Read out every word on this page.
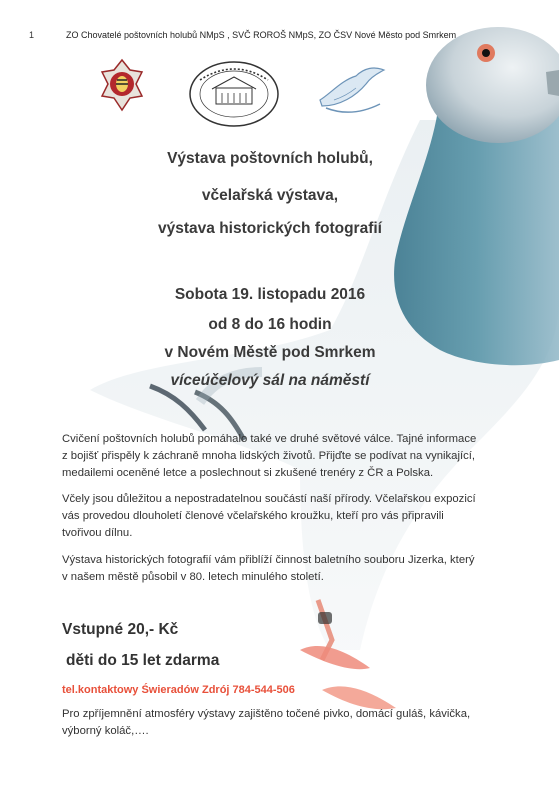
1	ZO Chovatelé poštovních holubů NMpS , SVČ ROROŠ NMpS, ZO ČSV Nové Město pod Smrkem
Výstava poštovních holubů,
včelařská výstava,
výstava historických fotografií
Sobota 19. listopadu 2016
od 8 do 16 hodin
v Novém Městě pod Smrkem
víceúčelový sál na náměstí

Cvičení poštovních holubů pomáhalo také ve druhé světové válce. Tajné informace
z bojišť přispěly k záchraně mnoha lidských životů. Přijďte se podívat na vynikající,
medailemi oceněné letce a poslechnout si zkušené trenéry z ČR a Polska.

Včely jsou důležitou a nepostradatelnou součástí naší přírody. Včelařskou expozicí
vás provedou dlouholetí členové včelařského kroužku, kteří pro vás připravili
tvořivou dílnu.

Výstava historických fotografií vám přiblíží činnost baletního souboru Jizerka, který
v našem městě působil v 80. letech minulého století.

Vstupné 20,- Kč
děti do 15 let zdarma
tel.kontaktowy Świeradów Zdrój 784-544-506

Pro zpříjemnění atmosféry výstavy zajištěno točené pivko, domácí guláš, kávička,
výborný koláč,….
